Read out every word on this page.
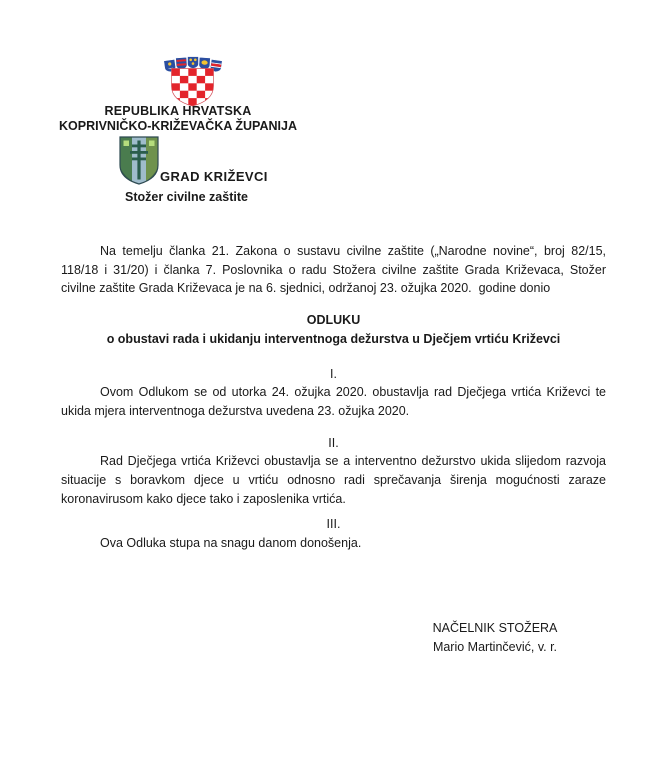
REPUBLIKA HRVATSKA
KOPRIVNIČKO-KRIŽEVAČKA ŽUPANIJA
GRAD KRIŽEVCI
Stožer civilne zaštite

Na temelju članka 21. Zakona o sustavu civilne zaštite („Narodne novine“, broj 82/15, 118/18 i 31/20) i članka 7. Poslovnika o radu Stožera civilne zaštite Grada Križevaca, Stožer civilne zaštite Grada Križevaca je na 6. sjednici, održanoj 23. ožujka 2020.  godine donio

ODLUKU

o obustavi rada i ukidanju interventnoga dežurstva u Dječjem vrtiću Križevci

I.

Ovom Odlukom se od utorka 24. ožujka 2020. obustavlja rad Dječjega vrtića Križevci te ukida mjera interventnoga dežurstva uvedena 23. ožujka 2020.

II.

Rad Dječjega vrtića Križevci obustavlja se a interventno dežurstvo ukida slijedom razvoja situacije s boravkom djece u vrtiću odnosno radi sprečavanja širenja mogućnosti zaraze koronavirusom kako djece tako i zaposlenika vrtića.

III.

Ova Odluka stupa na snagu danom donošenja.

NAČELNIK STOŽERA
Mario Martinčević, v. r.
